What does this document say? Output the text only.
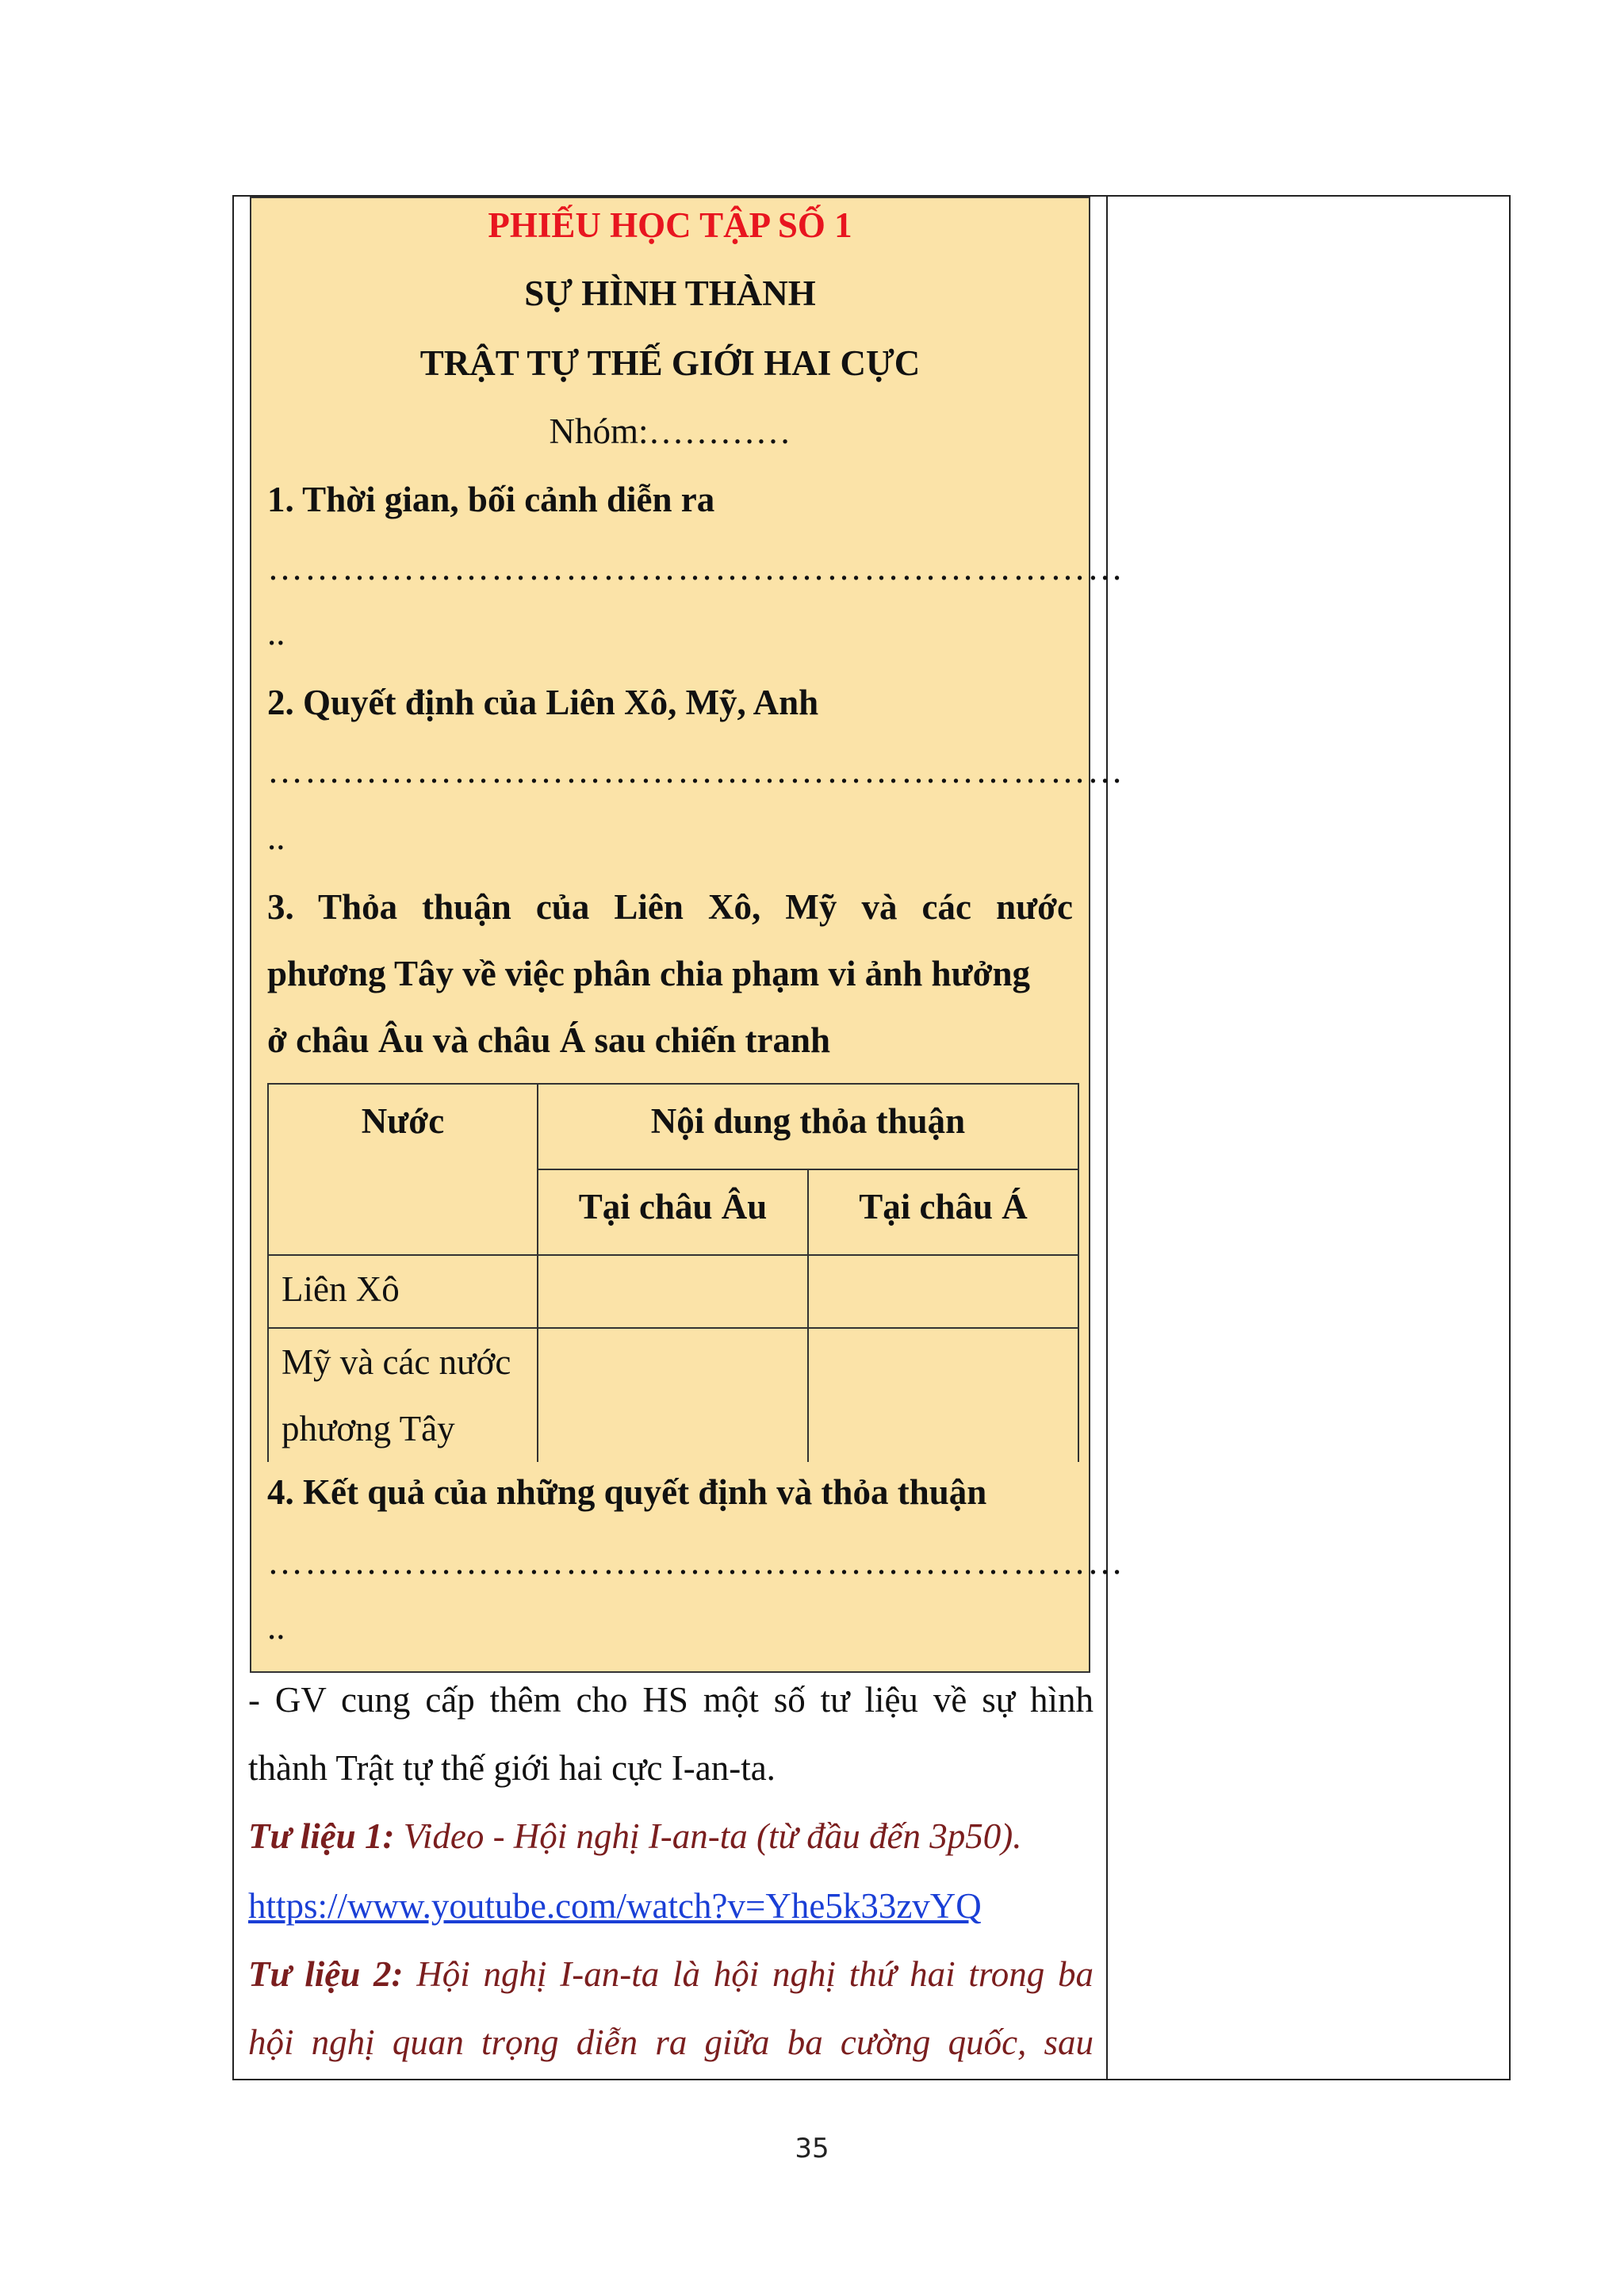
PHIẾU HỌC TẬP SỐ 1
SỰ HÌNH THÀNH
TRẬT TỰ THẾ GIỚI HAI CỰC
Nhóm:…………
1. Thời gian, bối cảnh diễn ra
……………………………………………………………
..
2. Quyết định của Liên Xô, Mỹ, Anh
……………………………………………………………
..
3. Thỏa thuận của Liên Xô, Mỹ và các nước
phương Tây về việc phân chia phạm vi ảnh hưởng
ở châu Âu và châu Á sau chiến tranh
Nước	Nội dung thỏa thuận	
	Tại châu Âu	Tại châu Á
Liên Xô		

Mỹ và các nước
phương Tây		

4. Kết quả của những quyết định và thỏa thuận
……………………………………………………………
..
- GV cung cấp thêm cho HS một số tư liệu về sự hình
thành Trật tự thế giới hai cực I-an-ta.
Tư liệu 1: Video - Hội nghị I-an-ta (từ đầu đến 3p50).
https://www.youtube.com/watch?v=Yhe5k33zvYQ
Tư liệu 2: Hội nghị I-an-ta là hội nghị thứ hai trong ba
hội nghị quan trọng diễn ra giữa ba cường quốc, sau
35
